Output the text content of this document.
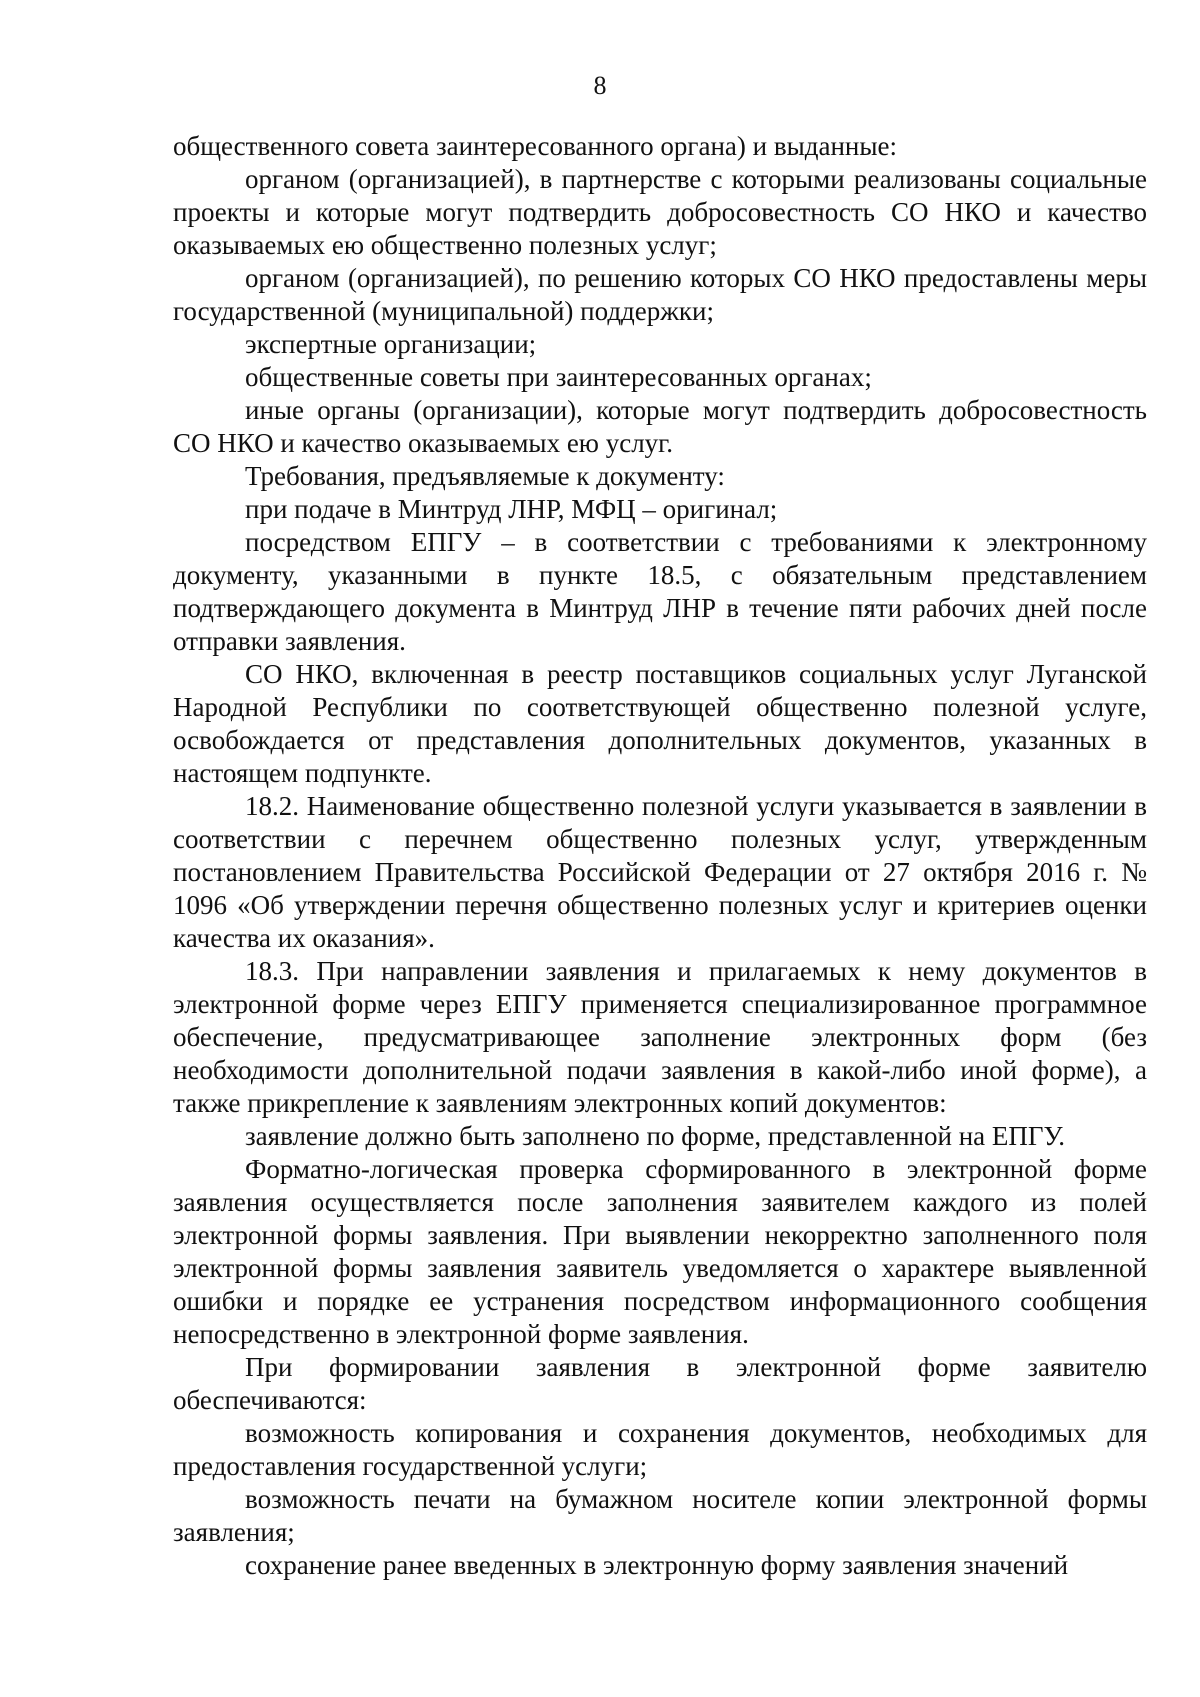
8

общественного совета заинтересованного органа) и выданные:

органом (организацией), в партнерстве с которыми реализованы социальные проекты и которые могут подтвердить добросовестность СО НКО и качество оказываемых ею общественно полезных услуг;

органом (организацией), по решению которых СО НКО предоставлены меры государственной (муниципальной) поддержки;

экспертные организации;

общественные советы при заинтересованных органах;

иные органы (организации), которые могут подтвердить добросовестность СО НКО и качество оказываемых ею услуг.

Требования, предъявляемые к документу:

при подаче в Минтруд ЛНР, МФЦ – оригинал;

посредством ЕПГУ – в соответствии с требованиями к электронному документу, указанными в пункте 18.5, с обязательным представлением подтверждающего документа в Минтруд ЛНР в течение пяти рабочих дней после отправки заявления.

СО НКО, включенная в реестр поставщиков социальных услуг Луганской Народной Республики по соответствующей общественно полезной услуге, освобождается от представления дополнительных документов, указанных в настоящем подпункте.

18.2. Наименование общественно полезной услуги указывается в заявлении в соответствии с перечнем общественно полезных услуг, утвержденным постановлением Правительства Российской Федерации от 27 октября 2016 г. № 1096 «Об утверждении перечня общественно полезных услуг и критериев оценки качества их оказания».

18.3. При направлении заявления и прилагаемых к нему документов в электронной форме через ЕПГУ применяется специализированное программное обеспечение, предусматривающее заполнение электронных форм (без необходимости дополнительной подачи заявления в какой-либо иной форме), а также прикрепление к заявлениям электронных копий документов:

заявление должно быть заполнено по форме, представленной на ЕПГУ.

Форматно-логическая проверка сформированного в электронной форме заявления осуществляется после заполнения заявителем каждого из полей электронной формы заявления. При выявлении некорректно заполненного поля электронной формы заявления заявитель уведомляется о характере выявленной ошибки и порядке ее устранения посредством информационного сообщения непосредственно в электронной форме заявления.

При формировании заявления в электронной форме заявителю обеспечиваются:

возможность копирования и сохранения документов, необходимых для предоставления государственной услуги;

возможность печати на бумажном носителе копии электронной формы заявления;

сохранение ранее введенных в электронную форму заявления значений
